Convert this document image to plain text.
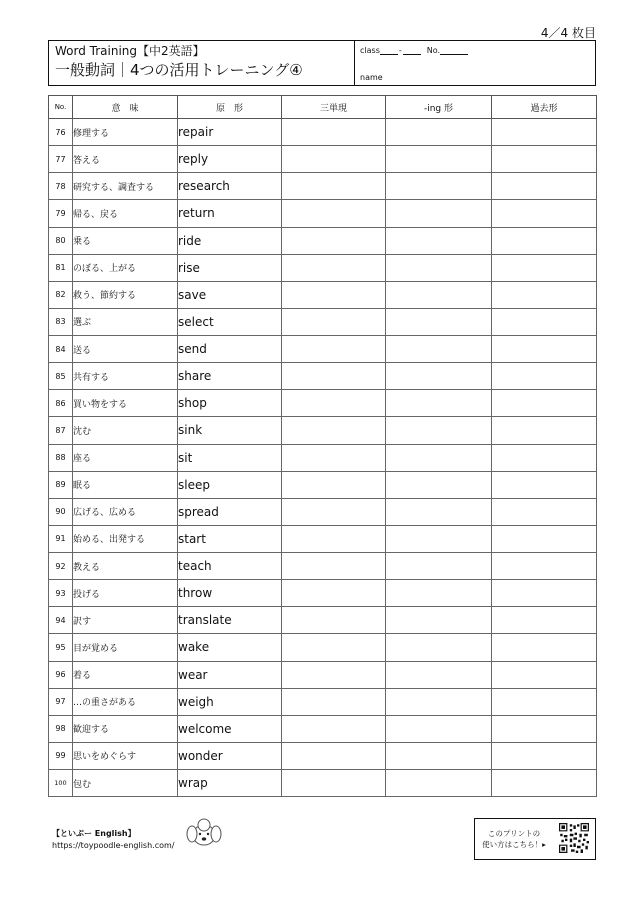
4／4 枚目
Word Training【中2英語】
一般動詞｜4つの活用トレーニング④
class -	No.
name
No.	意　味	原　形	三単現	-ing 形	過去形
76	修理する	repair			
77	答える	reply			
78	研究する、調査する	research			
79	帰る、戻る	return			
80	乗る	ride			
81	のぼる、上がる	rise			
82	救う、節約する	save			
83	選ぶ	select			
84	送る	send			
85	共有する	share			
86	買い物をする	shop			
87	沈む	sink			
88	座る	sit			
89	眠る	sleep			
90	広げる、広める	spread			
91	始める、出発する	start			
92	教える	teach			
93	投げる	throw			
94	訳す	translate			
95	目が覚める	wake			
96	着る	wear			
97	…の重さがある	weigh			
98	歓迎する	welcome			
99	思いをめぐらす	wonder			
100	包む	wrap			
【といぷー English】
https://toypoodle-english.com/
このプリントの
使い方はこちら！▸
